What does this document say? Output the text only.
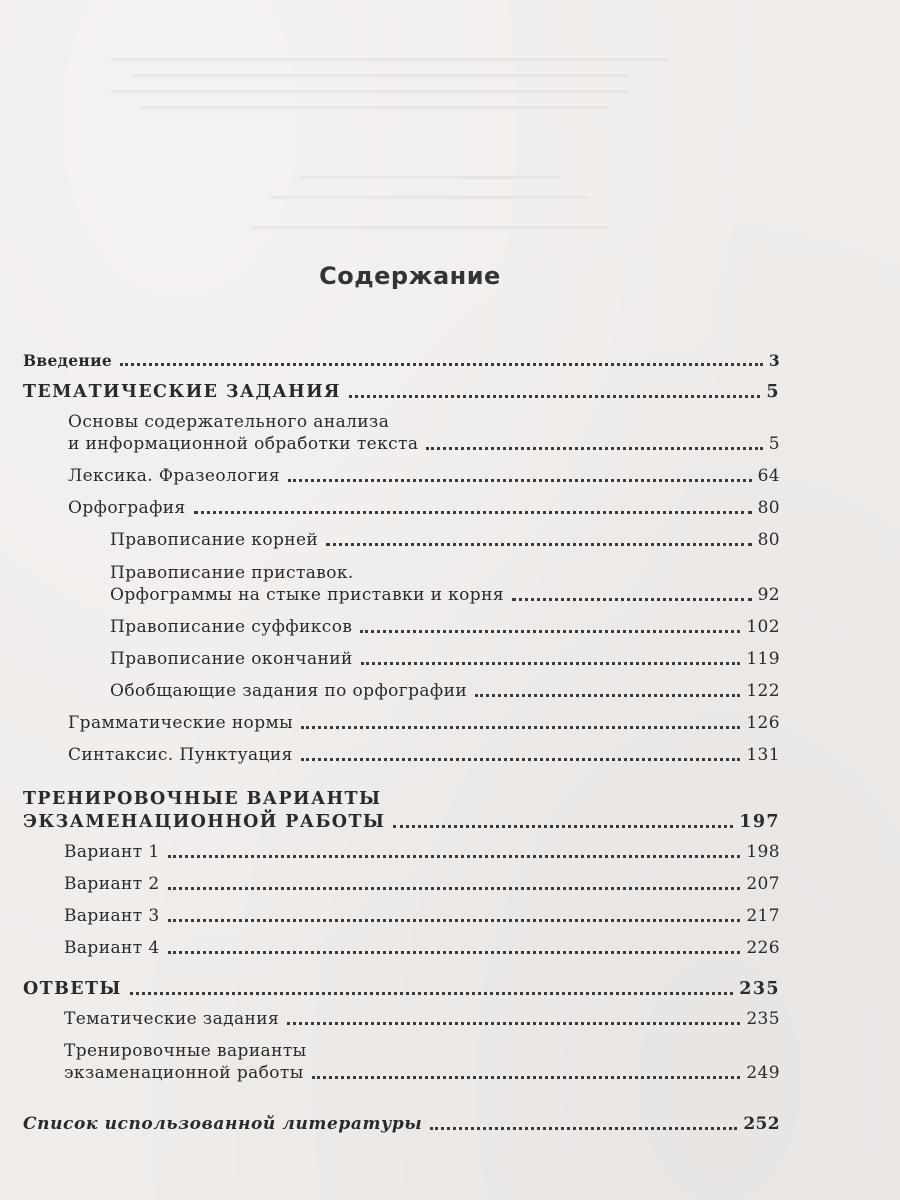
Содержание
Введение	3
ТЕМАТИЧЕСКИЕ ЗАДАНИЯ	5
Основы содержательного анализа
и информационной обработки текста	5
Лексика. Фразеология	64
Орфография	80
Правописание корней	80
Правописание приставок.
Орфограммы на стыке приставки и корня	92
Правописание суффиксов	102
Правописание окончаний	119
Обобщающие задания по орфографии	122
Грамматические нормы	126
Синтаксис. Пунктуация	131
ТРЕНИРОВОЧНЫЕ ВАРИАНТЫ
ЭКЗАМЕНАЦИОННОЙ РАБОТЫ	197
Вариант 1	198
Вариант 2	207
Вариант 3	217
Вариант 4	226
ОТВЕТЫ	235
Тематические задания	235
Тренировочные варианты
экзаменационной работы	249
Список использованной литературы	252
